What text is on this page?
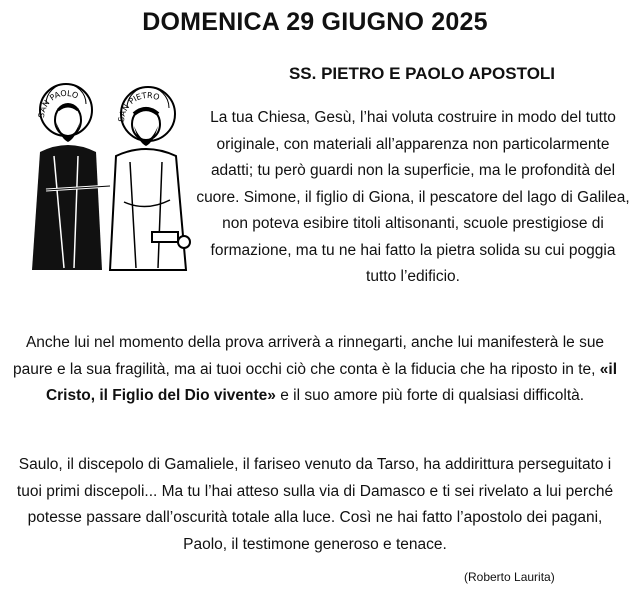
DOMENICA 29 GIUGNO 2025
SS. PIETRO E PAOLO APOSTOLI
SAN PAOLO
SAN PIETRO

La tua Chiesa, Gesù, l’hai voluta costruire in modo del tutto originale, con materiali all’apparenza non particolarmente adatti; tu però guardi non la superficie, ma le profondità del cuore. Simone, il figlio di Giona, il pescatore del lago di Galilea, non poteva esibire titoli altisonanti, scuole prestigiose di formazione, ma tu ne hai fatto la pietra solida su cui poggia tutto l’edificio.

Anche lui nel momento della prova arriverà a rinnegarti, anche lui manifesterà le sue paure e la sua fragilità, ma ai tuoi occhi ciò che conta è la fiducia che ha riposto in te, «il Cristo, il Figlio del Dio vivente» e il suo amore più forte di qualsiasi difficoltà.

Saulo, il discepolo di Gamaliele, il fariseo venuto da Tarso, ha addirittura perseguitato i tuoi primi discepoli... Ma tu l’hai atteso sulla via di Damasco e ti sei rivelato a lui perché potesse passare dall’oscurità totale alla luce. Così ne hai fatto l’apostolo dei pagani, Paolo, il testimone generoso e tenace.

(Roberto Laurita)
